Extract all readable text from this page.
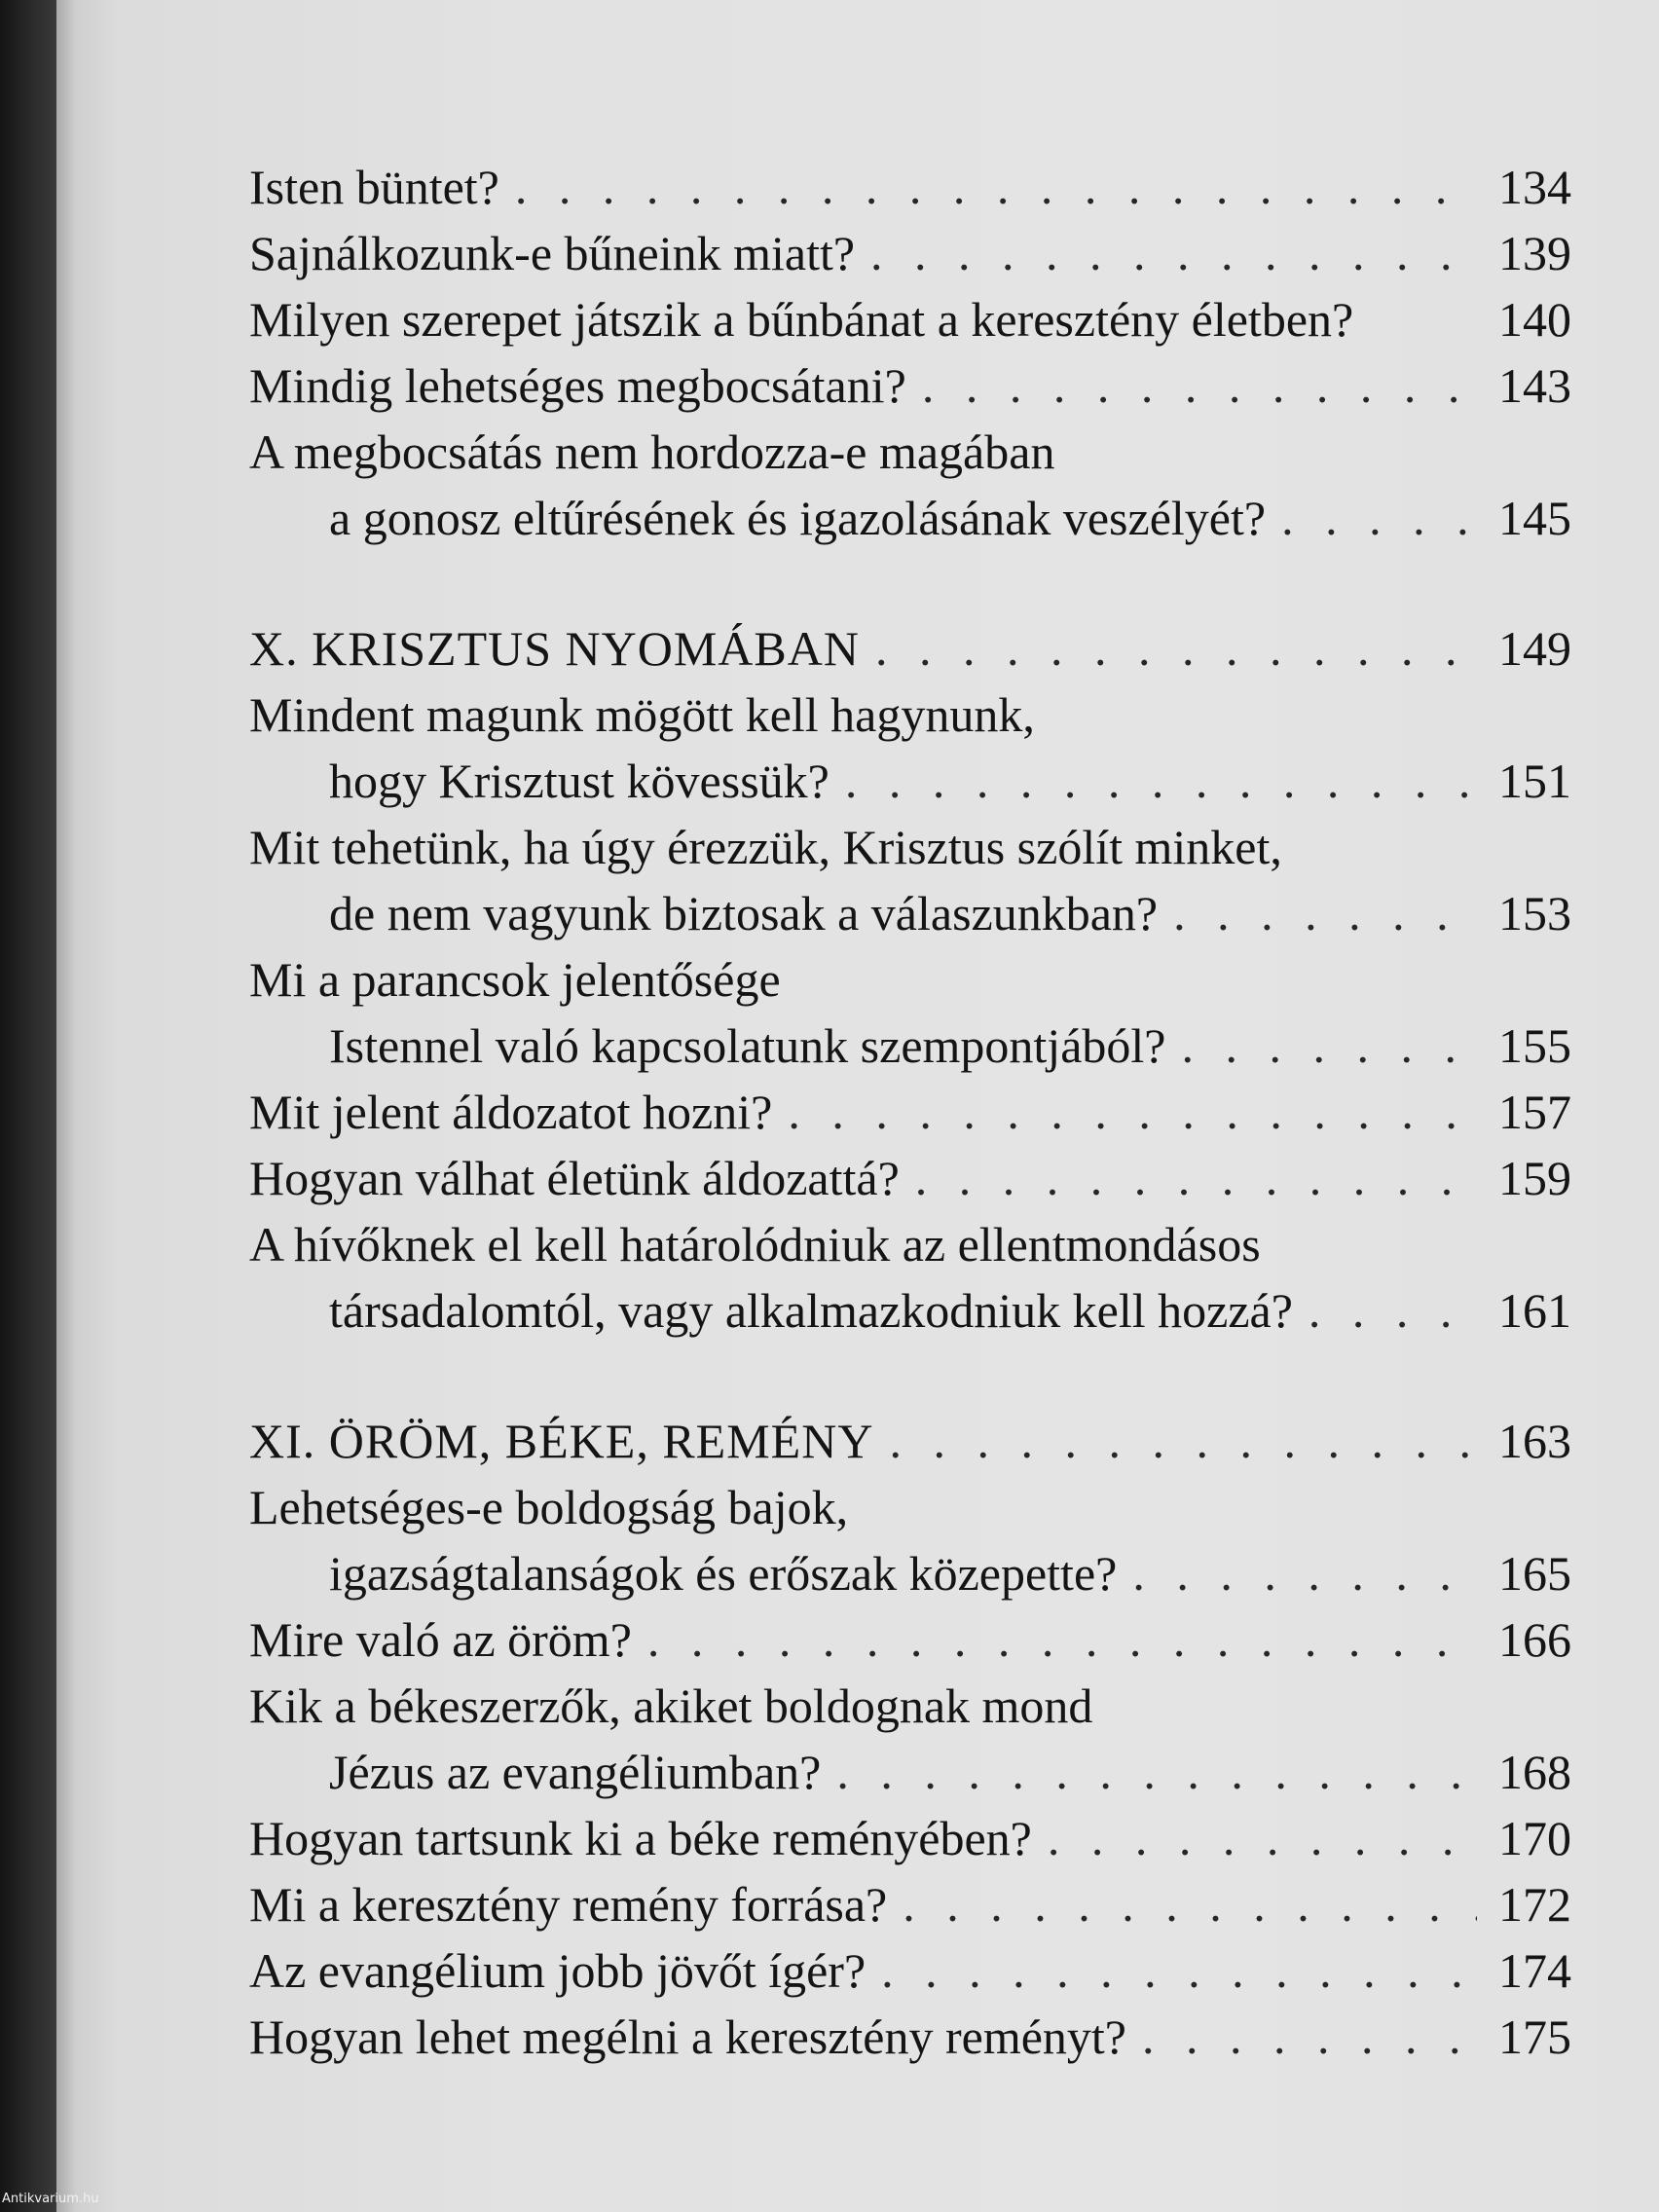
Isten büntet? . . .	134
Sajnálkozunk-e bűneink miatt? . . .	139
Milyen szerepet játszik a bűnbánat a keresztény életben?	140
Mindig lehetséges megbocsátani? . . .	143
A megbocsátás nem hordozza-e magában
a gonosz eltűrésének és igazolásának veszélyét? . . .	145
X. KRISZTUS NYOMÁBAN . . .	149
Mindent magunk mögött kell hagynunk,
hogy Krisztust kövessük? . . .	151
Mit tehetünk, ha úgy érezzük, Krisztus szólít minket,
de nem vagyunk biztosak a válaszunkban? . . .	153
Mi a parancsok jelentősége
Istennel való kapcsolatunk szempontjából? . . .	155
Mit jelent áldozatot hozni? . . .	157
Hogyan válhat életünk áldozattá? . . .	159
A hívőknek el kell határolódniuk az ellentmondásos
társadalomtól, vagy alkalmazkodniuk kell hozzá? . . .	161
XI. ÖRÖM, BÉKE, REMÉNY . . .	163
Lehetséges-e boldogság bajok,
igazságtalanságok és erőszak közepette? . . .	165
Mire való az öröm? . . .	166
Kik a békeszerzők, akiket boldognak mond
Jézus az evangéliumban? . . .	168
Hogyan tartsunk ki a béke reményében? . . .	170
Mi a keresztény remény forrása? . . .	172
Az evangélium jobb jövőt ígér? . . .	174
Hogyan lehet megélni a keresztény reményt? . . .	175
Antikvarium.hu
